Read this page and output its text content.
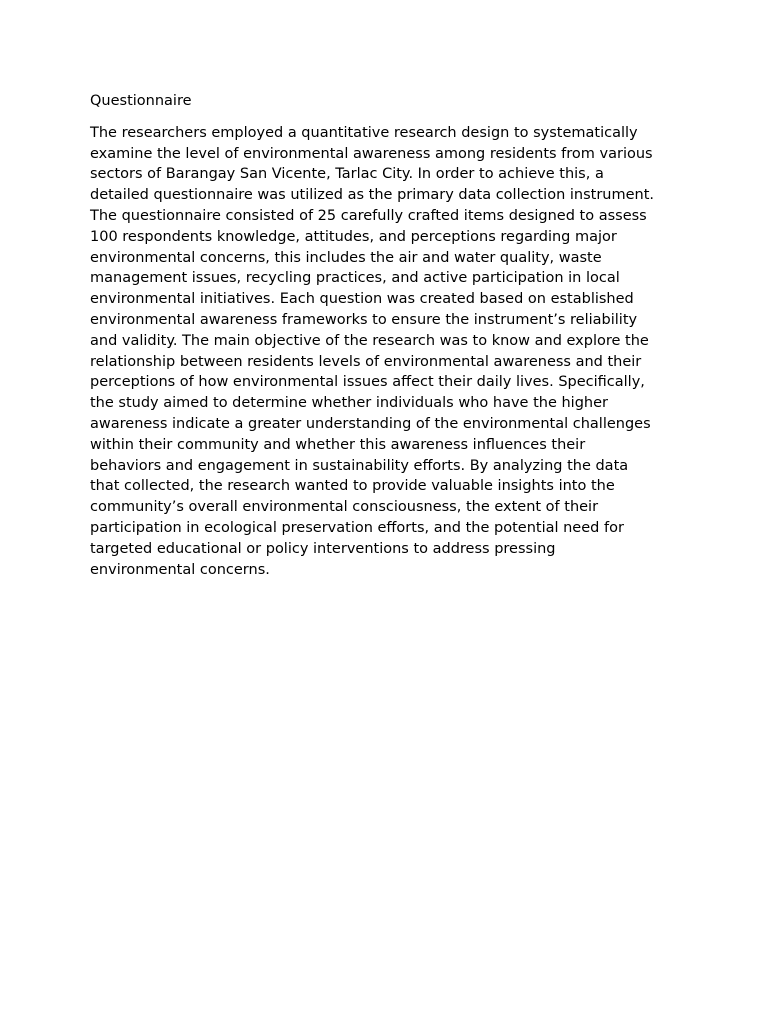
Questionnaire

The researchers employed a quantitative research design to systematically
examine the level of environmental awareness among residents from various
sectors of Barangay San Vicente, Tarlac City. In order to achieve this, a
detailed questionnaire was utilized as the primary data collection instrument.
The questionnaire consisted of 25 carefully crafted items designed to assess
100 respondents knowledge, attitudes, and perceptions regarding major
environmental concerns, this includes the air and water quality, waste
management issues, recycling practices, and active participation in local
environmental initiatives. Each question was created based on established
environmental awareness frameworks to ensure the instrument’s reliability
and validity. The main objective of the research was to know and explore the
relationship between residents levels of environmental awareness and their
perceptions of how environmental issues affect their daily lives. Specifically,
the study aimed to determine whether individuals who have the higher
awareness indicate a greater understanding of the environmental challenges
within their community and whether this awareness influences their
behaviors and engagement in sustainability efforts. By analyzing the data
that collected, the research wanted to provide valuable insights into the
community’s overall environmental consciousness, the extent of their
participation in ecological preservation efforts, and the potential need for
targeted educational or policy interventions to address pressing
environmental concerns.
